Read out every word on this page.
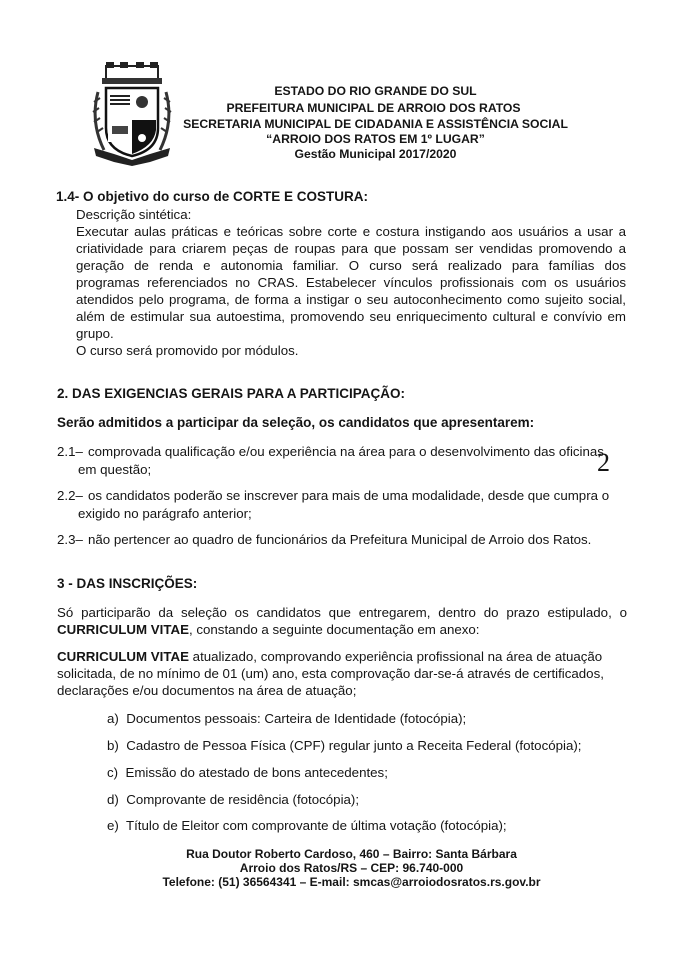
ESTADO DO RIO GRANDE DO SUL
PREFEITURA MUNICIPAL DE ARROIO DOS RATOS
SECRETARIA MUNICIPAL DE CIDADANIA E ASSISTÊNCIA SOCIAL
“ARROIO DOS RATOS EM 1º LUGAR”
Gestão Municipal 2017/2020
1.4- O objetivo do curso de CORTE E COSTURA:
Descrição sintética:
Executar aulas práticas e teóricas sobre corte e costura instigando aos usuários a usar a
criatividade para criarem peças de roupas para que possam ser vendidas promovendo a
geração de renda e autonomia familiar. O curso será realizado para famílias dos
programas referenciados no CRAS. Estabelecer vínculos profissionais com os usuários
atendidos pelo programa, de forma a instigar o seu autoconhecimento como sujeito social,
além de estimular sua autoestima, promovendo seu enriquecimento cultural e convívio em
grupo.
O curso será promovido por módulos.
2. DAS EXIGENCIAS GERAIS PARA A PARTICIPAÇÃO:
Serão admitidos a participar da seleção, os candidatos que apresentarem:
2.1– comprovada qualificação e/ou experiência na área para o desenvolvimento das oficinas
em questão;	2
2.2– os candidatos poderão se inscrever para mais de uma modalidade, desde que cumpra o
exigido no parágrafo anterior;
2.3– não pertencer ao quadro de funcionários da Prefeitura Municipal de Arroio dos Ratos.
3 - DAS INSCRIÇÕES:
Só participarão da seleção os candidatos que entregarem, dentro do prazo estipulado, o
CURRICULUM VITAE, constando a seguinte documentação em anexo:
CURRICULUM VITAE atualizado, comprovando experiência profissional na área de atuação
solicitada, de no mínimo de 01 (um) ano, esta comprovação dar-se-á através de certificados,
declarações e/ou documentos na área de atuação;
a) Documentos pessoais: Carteira de Identidade (fotocópia);
b) Cadastro de Pessoa Física (CPF) regular junto a Receita Federal (fotocópia);
c) Emissão do atestado de bons antecedentes;
d) Comprovante de residência (fotocópia);
e) Título de Eleitor com comprovante de última votação (fotocópia);
Rua Doutor Roberto Cardoso, 460 – Bairro: Santa Bárbara
Arroio dos Ratos/RS – CEP: 96.740-000
Telefone: (51) 36564341 – E-mail: smcas@arroiodosratos.rs.gov.br
